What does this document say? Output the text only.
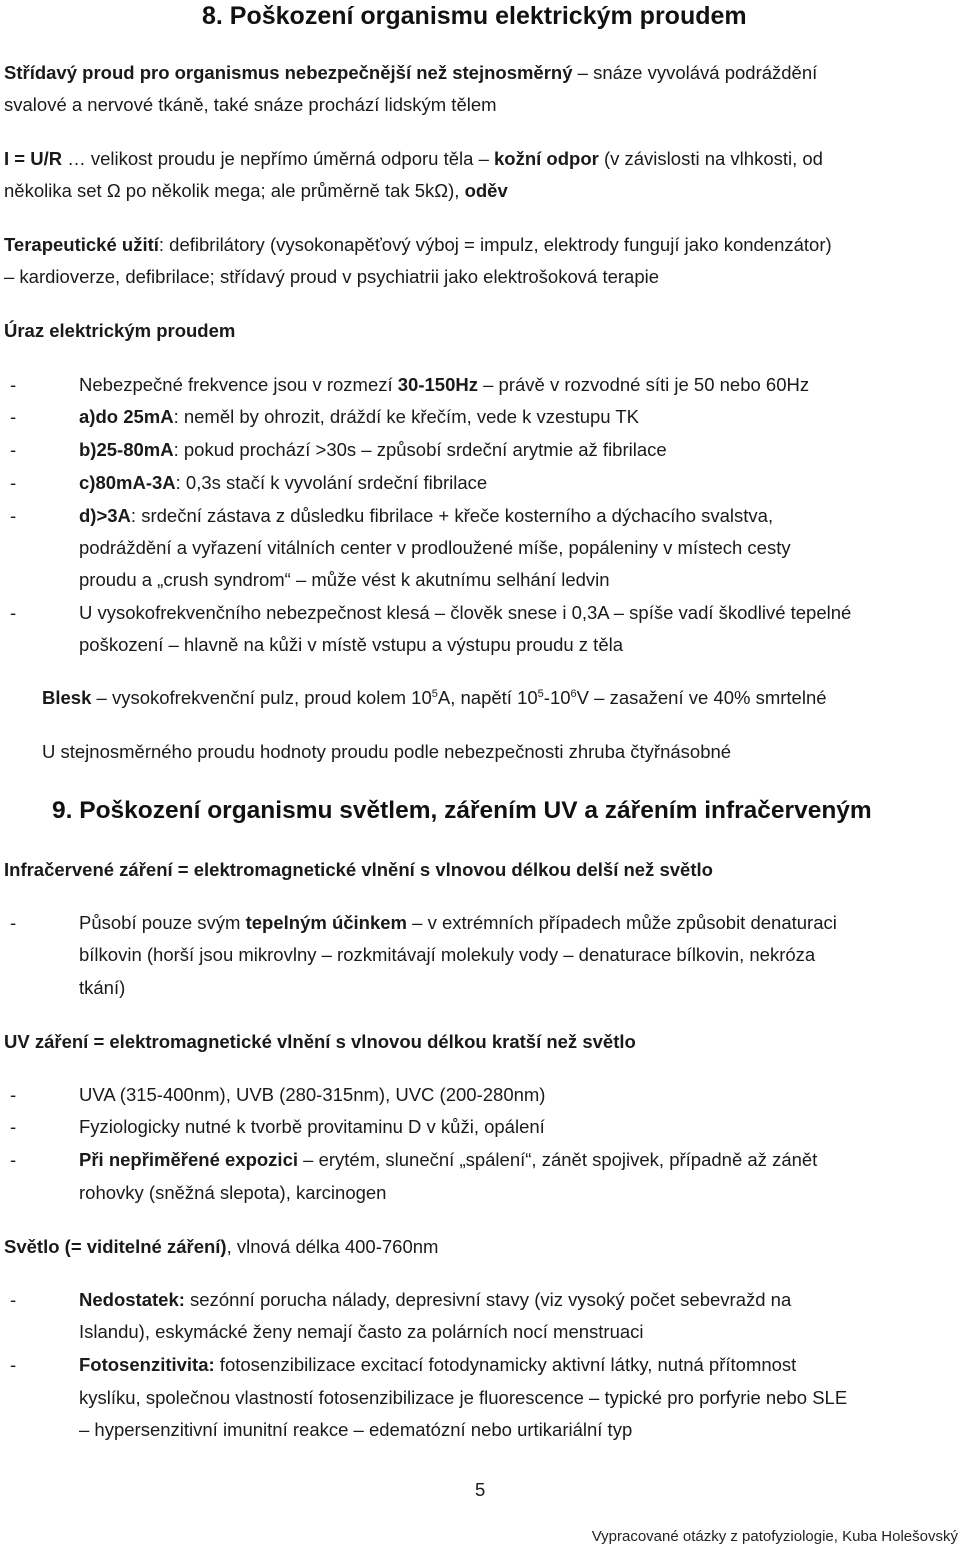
8. Poškození organismu elektrickým proudem
Střídavý proud pro organismus nebezpečnější než stejnosměrný – snáze vyvolává podráždění
svalové a nervové tkáně, také snáze prochází lidským tělem
I = U/R … velikost proudu je nepřímo úměrná odporu těla – kožní odpor (v závislosti na vlhkosti, od
několika set Ω po několik mega; ale průměrně tak 5kΩ), oděv
Terapeutické užití: defibrilátory (vysokonapěťový výboj = impulz, elektrody fungují jako kondenzátor)
– kardioverze, defibrilace; střídavý proud v psychiatrii jako elektrošoková terapie
Úraz elektrickým proudem
-	Nebezpečné frekvence jsou v rozmezí 30-150Hz – právě v rozvodné síti je 50 nebo 60Hz
-	a)do 25mA: neměl by ohrozit, dráždí ke křečím, vede k vzestupu TK
-	b)25-80mA: pokud prochází >30s – způsobí srdeční arytmie až fibrilace
-	c)80mA-3A: 0,3s stačí k vyvolání srdeční fibrilace
-	d)>3A: srdeční zástava z důsledku fibrilace + křeče kosterního a dýchacího svalstva,
podráždění a vyřazení vitálních center v prodloužené míše, popáleniny v místech cesty
proudu a „crush syndrom“ – může vést k akutnímu selhání ledvin
-	U vysokofrekvenčního nebezpečnost klesá – člověk snese i 0,3A – spíše vadí škodlivé tepelné
poškození – hlavně na kůži v místě vstupu a výstupu proudu z těla
Blesk – vysokofrekvenční pulz, proud kolem $10^5A$, napětí $10^5-10^6V$ – zasažení ve 40% smrtelné
U stejnosměrného proudu hodnoty proudu podle nebezpečnosti zhruba čtyřnásobné
9. Poškození organismu světlem, zářením UV a zářením infračerveným
Infračervené záření = elektromagnetické vlnění s vlnovou délkou delší než světlo
-	Působí pouze svým tepelným účinkem – v extrémních případech může způsobit denaturaci
bílkovin (horší jsou mikrovlny – rozkmitávají molekuly vody – denaturace bílkovin, nekróza
tkání)
UV záření = elektromagnetické vlnění s vlnovou délkou kratší než světlo
-	UVA (315-400nm), UVB (280-315nm), UVC (200-280nm)
-	Fyziologicky nutné k tvorbě provitaminu D v kůži, opálení
-	Při nepřiměřené expozici – erytém, sluneční „spálení“, zánět spojivek, případně až zánět
rohovky (sněžná slepota), karcinogen
Světlo (= viditelné záření), vlnová délka 400-760nm
-	Nedostatek: sezónní porucha nálady, depresivní stavy (viz vysoký počet sebevražd na
Islandu), eskymácké ženy nemají často za polárních nocí menstruaci
-	Fotosenzitivita: fotosenzibilizace excitací fotodynamicky aktivní látky, nutná přítomnost
kyslíku, společnou vlastností fotosenzibilizace je fluorescence – typické pro porfyrie nebo SLE
– hypersenzitivní imunitní reakce – edematózní nebo urtikariální typ
5
Vypracované otázky z patofyziologie, Kuba Holešovský
